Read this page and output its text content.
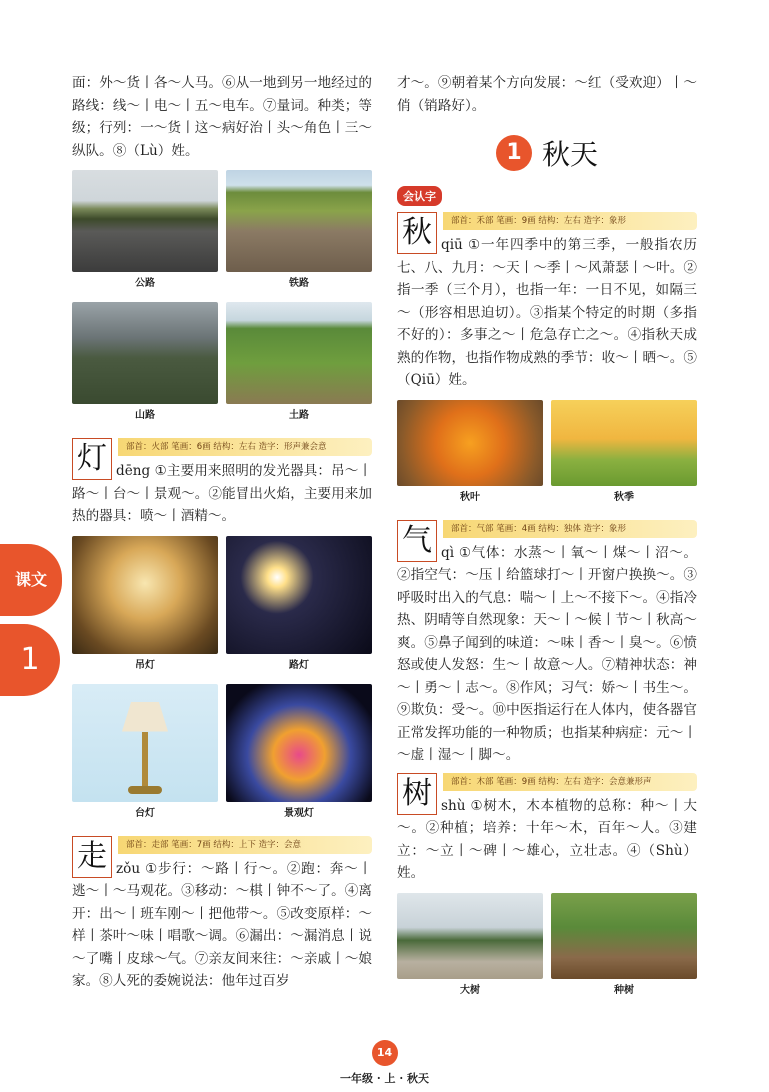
面：外～货丨各～人马。⑥从一地到另一地经过的路线：线～丨电～丨五～电车。⑦量词。种类；等级；行列：一～货丨这～病好治丨头～角色丨三～纵队。⑧（Lù）姓。

公路	铁路
山路	土路
灯	部首：火部 笔画：6画 结构：左右 造字：形声兼会意

dēng ①主要用来照明的发光器具：吊～丨路～丨台～丨景观～。②能冒出火焰，主要用来加热的器具：喷～丨酒精～。

吊灯	路灯
台灯	景观灯
走	部首：走部 笔画：7画 结构：上下 造字：会意

zǒu ①步行：～路丨行～。②跑：奔～丨逃～丨～马观花。③移动：～棋丨钟不～了。④离开：出～丨班车刚～丨把他带～。⑤改变原样：～样丨茶叶～味丨唱歌～调。⑥漏出：～漏消息丨说～了嘴丨皮球～气。⑦亲友间来往：～亲戚丨～娘家。⑧人死的委婉说法：他年过百岁

才～。⑨朝着某个方向发展：～红（受欢迎）丨～俏（销路好）。

1 秋天
会认字
秋	部首：禾部 笔画：9画 结构：左右 造字：象形

qiū ①一年四季中的第三季，一般指农历七、八、九月：～天丨～季丨～风萧瑟丨～叶。②指一季（三个月），也指一年：一日不见，如隔三～（形容相思迫切）。③指某个特定的时期（多指不好的）：多事之～丨危急存亡之～。④指秋天成熟的作物，也指作物成熟的季节：收～丨晒～。⑤（Qiū）姓。

秋叶	秋季
气	部首：气部 笔画：4画 结构：独体 造字：象形

qì ①气体：水蒸～丨氧～丨煤～丨沼～。②指空气：～压丨给篮球打～丨开窗户换换～。③呼吸时出入的气息：喘～丨上～不接下～。④指冷热、阴晴等自然现象：天～丨～候丨节～丨秋高～爽。⑤鼻子闻到的味道：～味丨香～丨臭～。⑥愤怒或使人发怒：生～丨故意～人。⑦精神状态：神～丨勇～丨志～。⑧作风；习气：娇～丨书生～。⑨欺负：受～。⑩中医指运行在人体内，使各器官正常发挥功能的一种物质；也指某种病症：元～丨～虚丨湿～丨脚～。

树	部首：木部 笔画：9画 结构：左右 造字：会意兼形声

shù ①树木，木本植物的总称：种～丨大～。②种植；培养：十年～木，百年～人。③建立：～立丨～碑丨～雄心，立壮志。④（Shù）姓。

大树	种树
课文
1
14
一年级 · 上 · 秋天
